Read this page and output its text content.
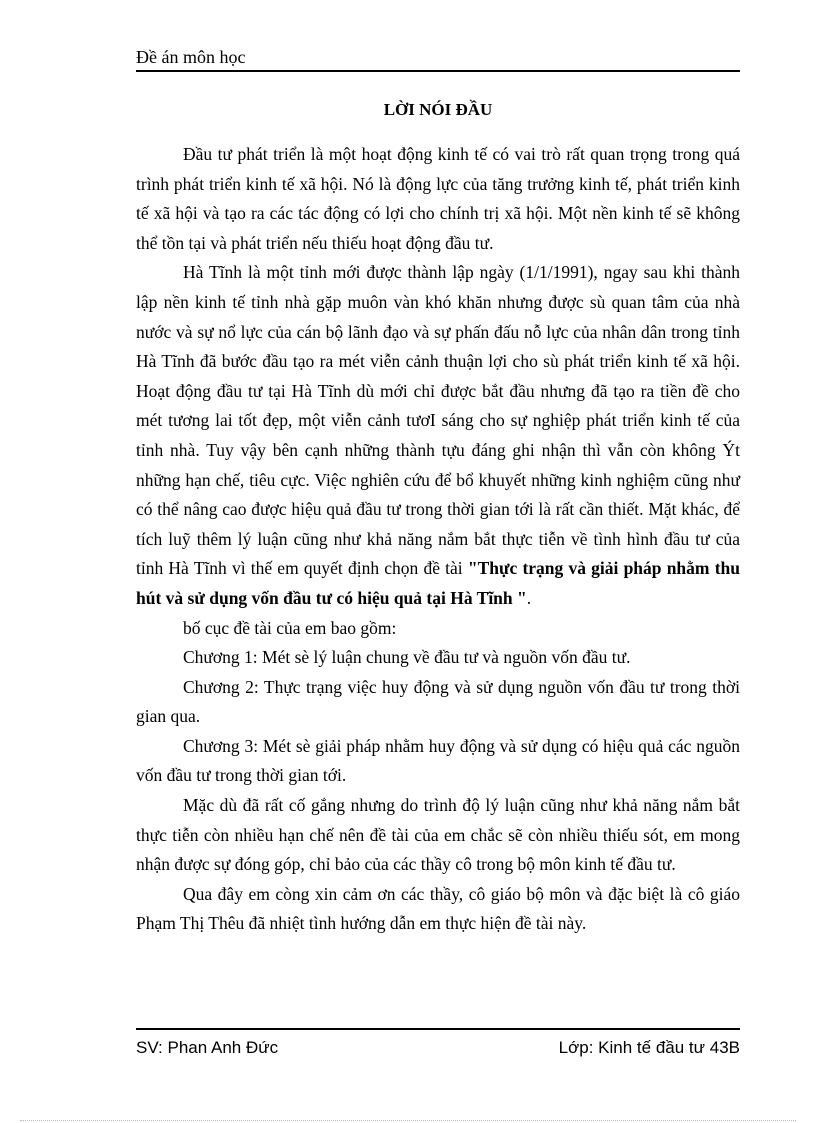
Đề án môn học
LỜI NÓI ĐẦU

Đầu tư phát triển là một hoạt động kinh tế có vai trò rất quan trọng trong quá trình phát triển kinh tế xã hội. Nó là động lực của tăng trưởng kinh tế, phát triển kinh tế xã hội và tạo ra các tác động có lợi cho chính trị xã hội. Một nền kinh tế sẽ không thể tồn tại và phát triển nếu thiếu hoạt động đầu tư.

Hà Tĩnh là một tỉnh mới được thành lập ngày (1/1/1991), ngay sau khi thành lập nền kinh tế tỉnh nhà gặp muôn vàn khó khăn nhưng được sù quan tâm của nhà nước và sự nổ lực của cán bộ lãnh đạo và sự phấn đấu nỗ lực của nhân dân trong tỉnh Hà Tĩnh đã bước đầu tạo ra mét viễn cảnh thuận lợi cho sù phát triển kinh tế xã hội. Hoạt động đầu tư tại Hà Tĩnh dù mới chỉ được bắt đầu nhưng đã tạo ra tiền đề cho mét tương lai tốt đẹp, một viễn cảnh tươI sáng cho sự nghiệp phát triển kinh tế của tỉnh nhà. Tuy vậy bên cạnh những thành tựu đáng ghi nhận thì vẫn còn không Ýt những hạn chế, tiêu cực. Việc nghiên cứu để bổ khuyết những kinh nghiệm cũng như có thể nâng cao được hiệu quả đầu tư trong thời gian tới là rất cần thiết. Mặt khác, để tích luỹ thêm lý luận cũng như khả năng nắm bắt thực tiễn về tình hình đầu tư của tỉnh Hà Tĩnh vì thế em quyết định chọn đề tài "Thực trạng và giải pháp nhằm thu hút và sử dụng vốn đầu tư có hiệu quả tại Hà Tĩnh ".

bố cục đề tài của em bao gồm:

Chương 1: Mét sè lý luận chung về đầu tư và nguồn vốn đầu tư.

Chương 2: Thực trạng việc huy động và sử dụng nguồn vốn đầu tư trong thời gian qua.

Chương 3: Mét sè giải pháp nhằm huy động và sử dụng có hiệu quả các nguồn vốn đầu tư trong thời gian tới.

Mặc dù đã rất cố gắng nhưng do trình độ lý luận cũng như khả năng nắm bắt thực tiễn còn nhiều hạn chế nên đề tài của em chắc sẽ còn nhiều thiếu sót, em mong nhận được sự đóng góp, chỉ bảo của các thầy cô trong bộ môn kinh tế đầu tư.

Qua đây em còng xin cảm ơn các thầy, cô giáo bộ môn và đặc biệt là cô giáo Phạm Thị Thêu đã nhiệt tình hướng dẫn em thực hiện đề tài này.

SV: Phan Anh Đức	Lớp: Kinh tế đầu tư 43B
